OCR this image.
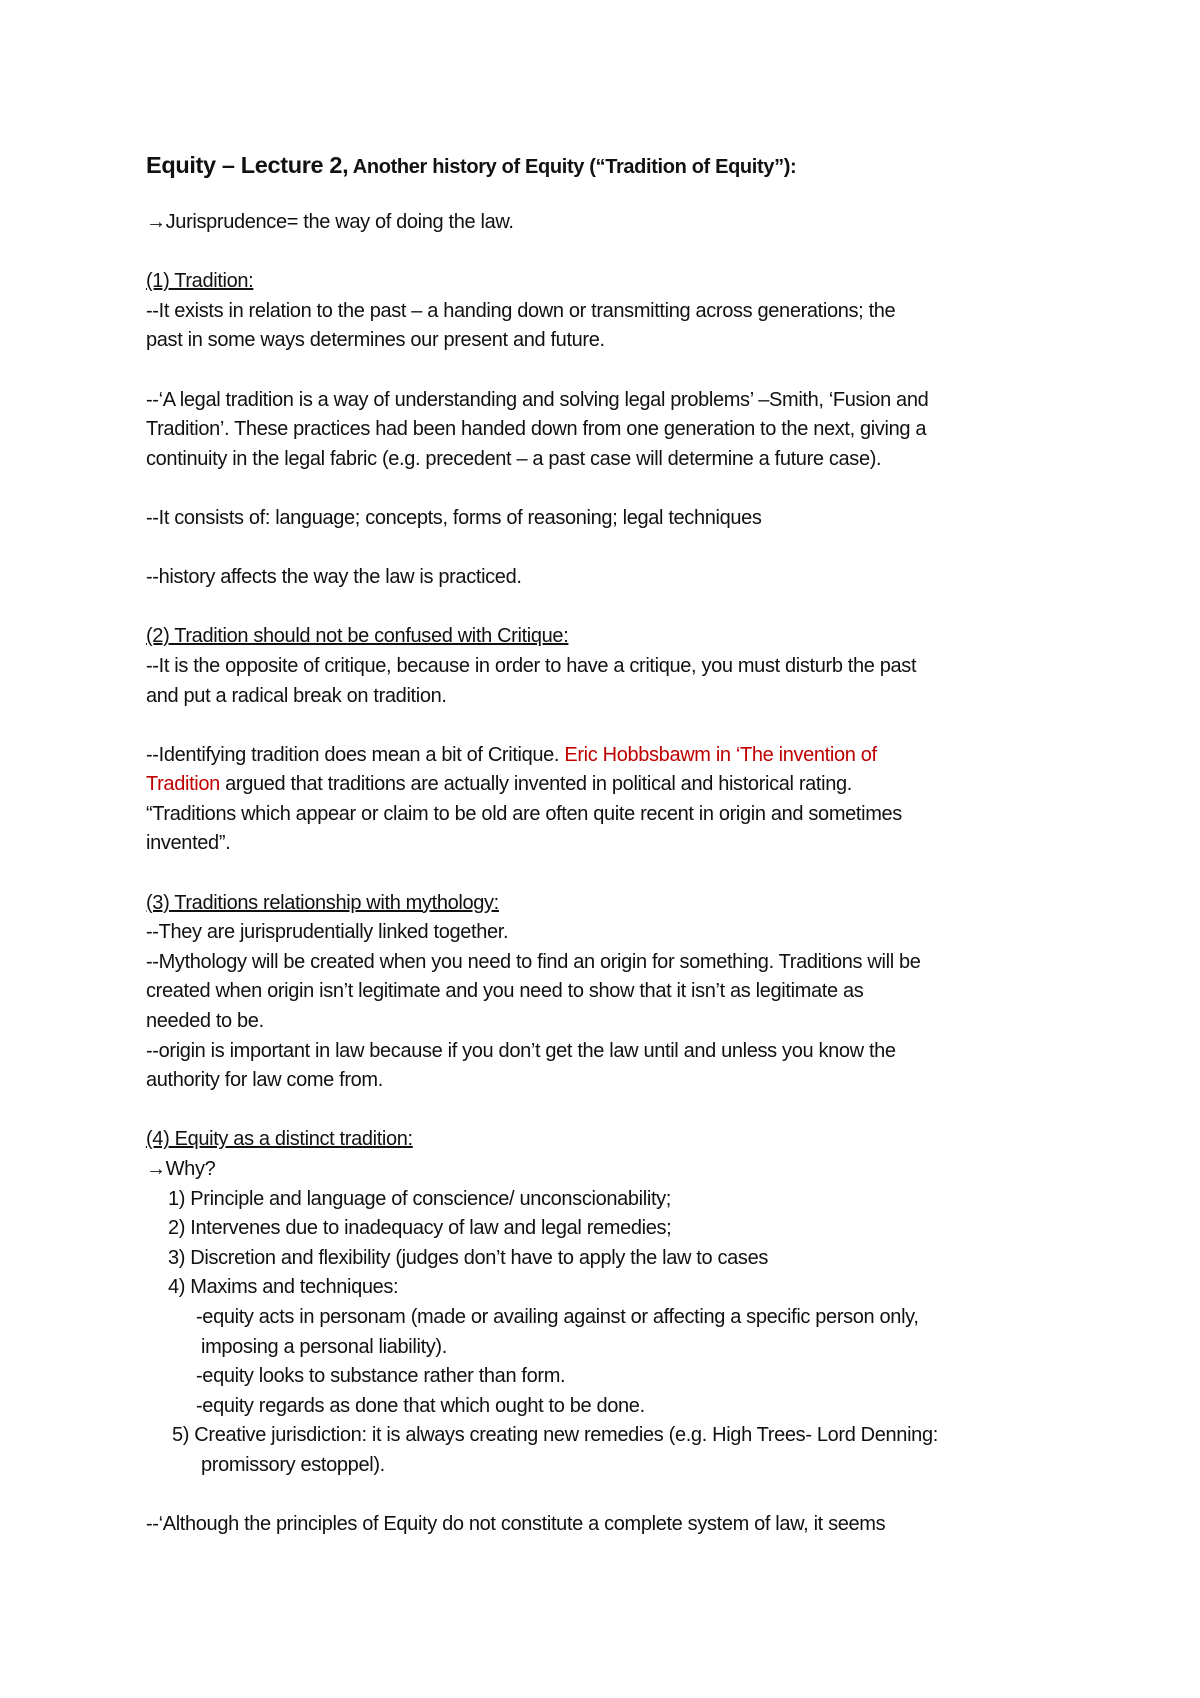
Equity – Lecture 2, Another history of Equity (“Tradition of Equity”):

→Jurisprudence= the way of doing the law.

(1) Tradition:

--It exists in relation to the past – a handing down or transmitting across generations; the

past in some ways determines our present and future.

--‘A legal tradition is a way of understanding and solving legal problems’ –Smith, ‘Fusion and

Tradition’. These practices had been handed down from one generation to the next, giving a

continuity in the legal fabric (e.g. precedent – a past case will determine a future case).

--It consists of: language; concepts, forms of reasoning; legal techniques

--history affects the way the law is practiced.

(2) Tradition should not be confused with Critique:

--It is the opposite of critique, because in order to have a critique, you must disturb the past

and put a radical break on tradition.

--Identifying tradition does mean a bit of Critique. Eric Hobbsbawm in ‘The invention of

Tradition argued that traditions are actually invented in political and historical rating.

“Traditions which appear or claim to be old are often quite recent in origin and sometimes

invented”.

(3) Traditions relationship with mythology:

--They are jurisprudentially linked together.

--Mythology will be created when you need to find an origin for something. Traditions will be

created when origin isn’t legitimate and you need to show that it isn’t as legitimate as

needed to be.

--origin is important in law because if you don’t get the law until and unless you know the

authority for law come from.

(4) Equity as a distinct tradition:

→Why?

1) Principle and language of conscience/ unconscionability;

2) Intervenes due to inadequacy of law and legal remedies;

3) Discretion and flexibility (judges don’t have to apply the law to cases

4) Maxims and techniques:

-equity acts in personam (made or availing against or affecting a specific person only,

imposing a personal liability).

-equity looks to substance rather than form.

-equity regards as done that which ought to be done.

5) Creative jurisdiction: it is always creating new remedies (e.g. High Trees- Lord Denning:

promissory estoppel).

--‘Although the principles of Equity do not constitute a complete system of law, it seems
